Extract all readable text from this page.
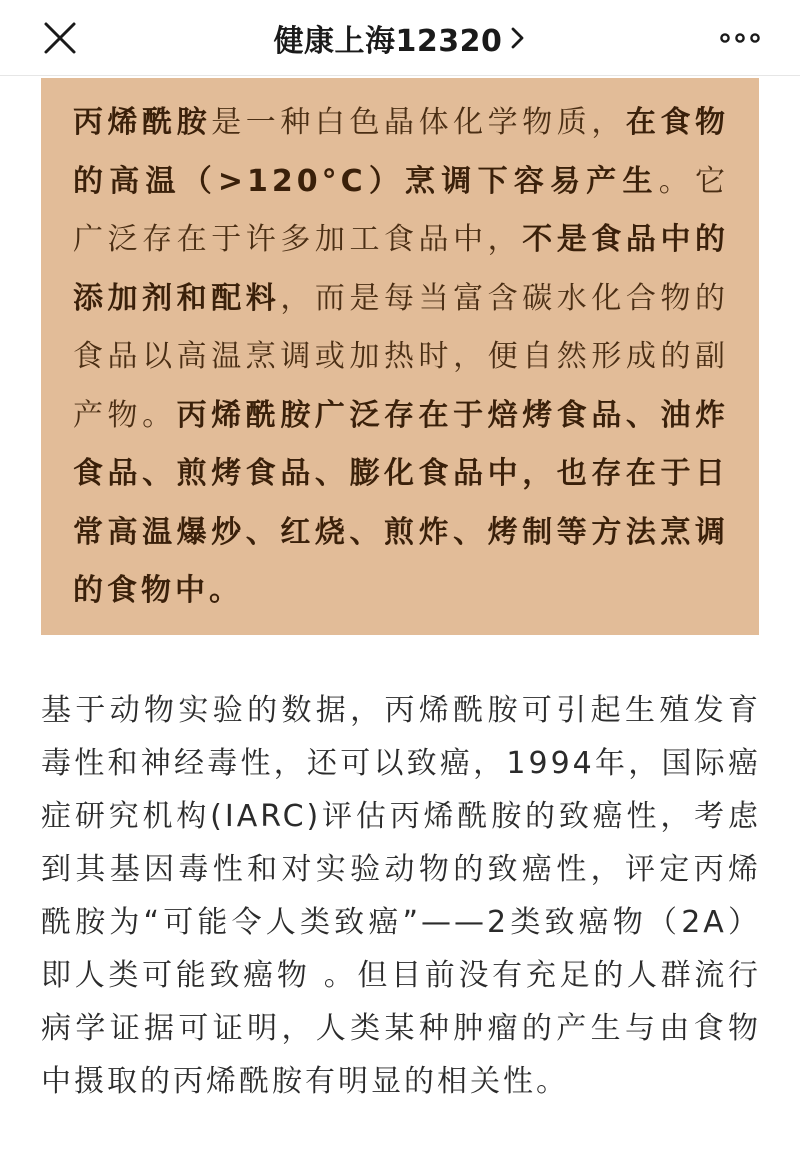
健康上海12320

丙烯酰胺是一种白色晶体化学物质，在食物的高温（>120°C）烹调下容易产生。它广泛存在于许多加工食品中，不是食品中的添加剂和配料，而是每当富含碳水化合物的食品以高温烹调或加热时，便自然形成的副产物。丙烯酰胺广泛存在于焙烤食品、油炸食品、煎烤食品、膨化食品中，也存在于日常高温爆炒、红烧、煎炸、烤制等方法烹调的食物中。

基于动物实验的数据，丙烯酰胺可引起生殖发育毒性和神经毒性，还可以致癌，1994年，国际癌症研究机构(IARC)评估丙烯酰胺的致癌性，考虑到其基因毒性和对实验动物的致癌性，评定丙烯酰胺为“可能令人类致癌”——2类致癌物（2A）即人类可能致癌物 。但目前没有充足的人群流行病学证据可证明，人类某种肿瘤的产生与由食物中摄取的丙烯酰胺有明显的相关性。
